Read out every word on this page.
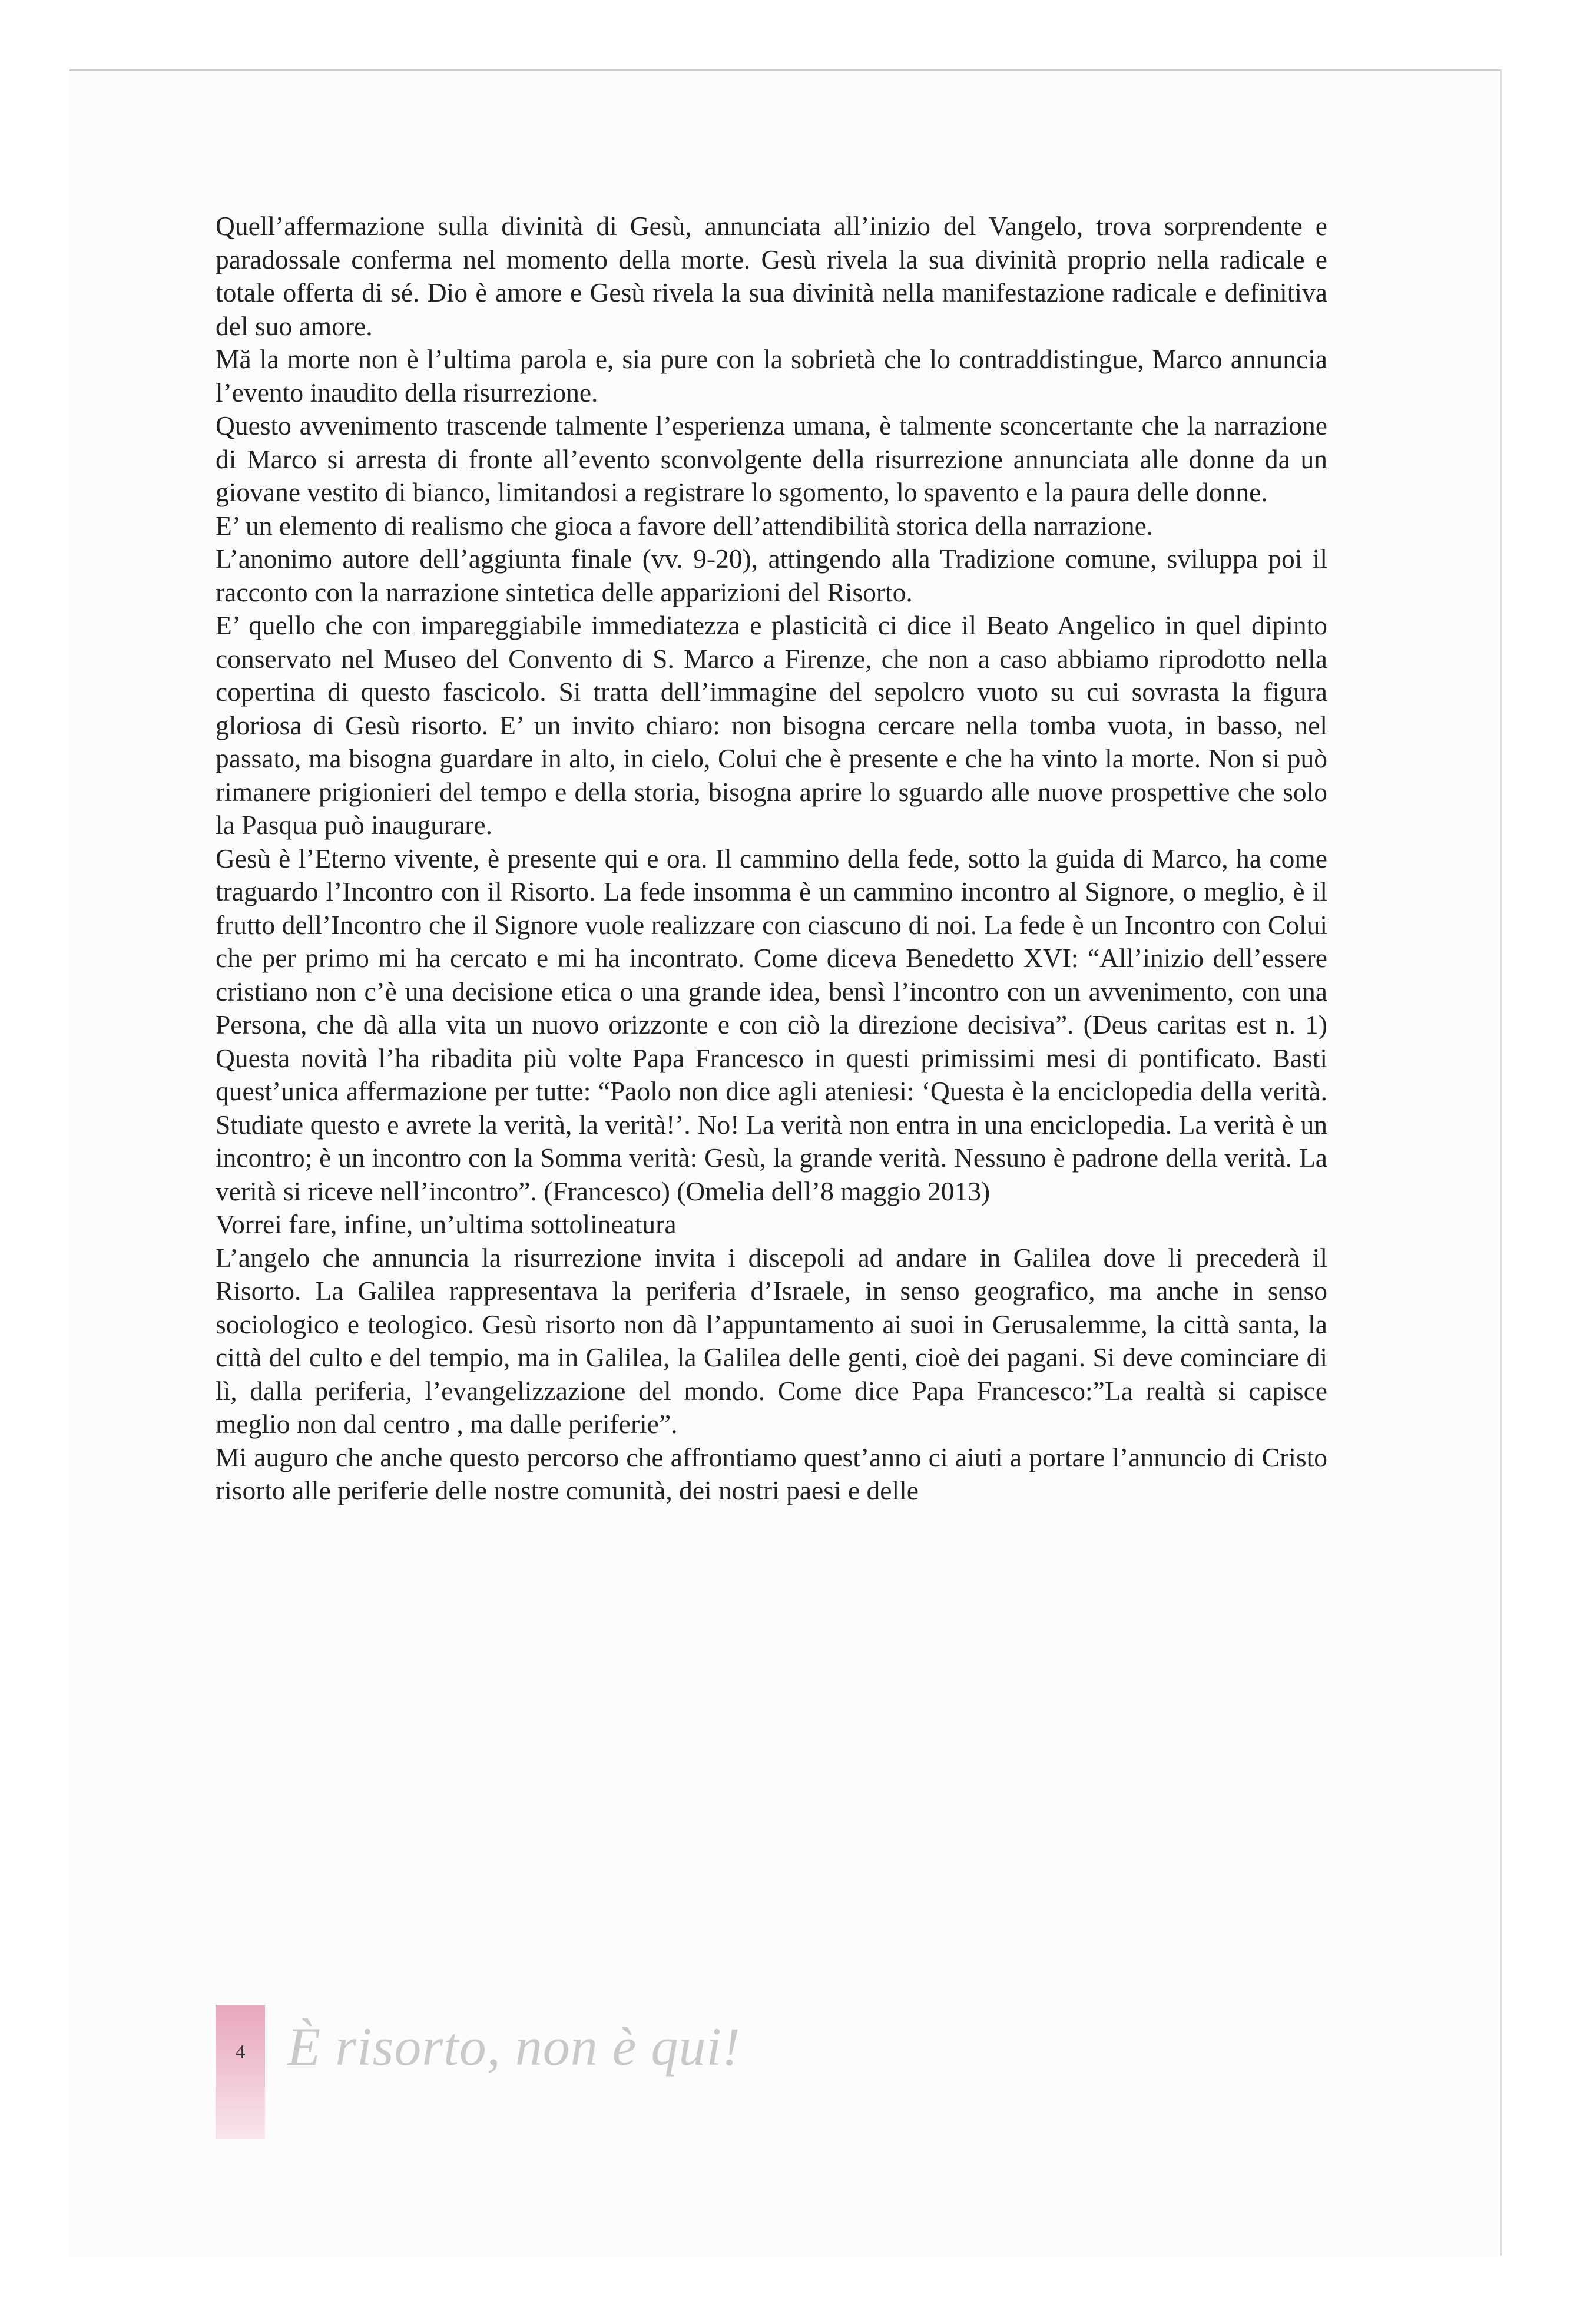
Quell’affermazione sulla divinità di Gesù, annunciata all’inizio del Vangelo, trova sorprendente e paradossale conferma nel momento della morte. Gesù rivela la sua divinità proprio nella radicale e totale offerta di sé. Dio è amore e Gesù rivela la sua divinità nella manifestazione radicale e definitiva del suo amore.

Mă la morte non è l’ultima parola e, sia pure con la sobrietà che lo contraddistingue, Marco annuncia l’evento inaudito della risurrezione.

Questo avvenimento trascende talmente l’esperienza umana, è talmente sconcertante che la narrazione di Marco si arresta di fronte all’evento sconvolgente della risurrezione annunciata alle donne da un giovane vestito di bianco, limitandosi a registrare lo sgomento, lo spavento e la paura delle donne.

E’ un elemento di realismo che gioca a favore dell’attendibilità storica della narrazione.

L’anonimo autore dell’aggiunta finale (vv. 9-20), attingendo alla Tradizione comune, sviluppa poi il racconto con la narrazione sintetica delle apparizioni del Risorto.

E’ quello che con impareggiabile immediatezza e plasticità ci dice il Beato Angelico in quel dipinto conservato nel Museo del Convento di S. Marco a Firenze, che non a caso abbiamo riprodotto nella copertina di questo fascicolo. Si tratta dell’immagine del sepolcro vuoto su cui sovrasta la figura gloriosa di Gesù risorto. E’ un invito chiaro: non bisogna cercare nella tomba vuota, in basso, nel passato, ma bisogna guardare in alto, in cielo, Colui che è presente e che ha vinto la morte. Non si può rimanere prigionieri del tempo e della storia, bisogna aprire lo sguardo alle nuove prospettive che solo la Pasqua può inaugurare.

Gesù è l’Eterno vivente, è presente qui e ora. Il cammino della fede, sotto la guida di Marco, ha come traguardo l’Incontro con il Risorto. La fede insomma è un cammino incontro al Signore, o meglio, è il frutto dell’Incontro che il Signore vuole realizzare con ciascuno di noi. La fede è un Incontro con Colui che per primo mi ha cercato e mi ha incontrato. Come diceva Benedetto XVI: “All’inizio dell’essere cristiano non c’è una decisione etica o una grande idea, bensì l’incontro con un avvenimento, con una Persona, che dà alla vita un nuovo orizzonte e con ciò la direzione decisiva”. (Deus caritas est n. 1) Questa novità l’ha ribadita più volte Papa Francesco in questi primissimi mesi di pontificato. Basti quest’unica affermazione per tutte: “Paolo non dice agli ateniesi: ‘Questa è la enciclopedia della verità. Studiate questo e avrete la verità, la verità!’. No! La verità non entra in una enciclopedia. La verità è un incontro; è un incontro con la Somma verità: Gesù, la grande verità. Nessuno è padrone della verità. La verità si riceve nell’incontro”. (Francesco) (Omelia dell’8 maggio 2013)

Vorrei fare, infine, un’ultima sottolineatura

L’angelo che annuncia la risurrezione invita i discepoli ad andare in Galilea dove li precederà il Risorto. La Galilea rappresentava la periferia d’Israele, in senso geografico, ma anche in senso sociologico e teologico. Gesù risorto non dà l’appuntamento ai suoi in Gerusalemme, la città santa, la città del culto e del tempio, ma in Galilea, la Galilea delle genti, cioè dei pagani. Si deve cominciare di lì, dalla periferia, l’evangelizzazione del mondo. Come dice Papa Francesco:”La realtà si capisce meglio non dal centro , ma dalle periferie”.

Mi auguro che anche questo percorso che affrontiamo quest’anno ci aiuti a portare l’annuncio di Cristo risorto alle periferie delle nostre comunità, dei nostri paesi e delle

4 È risorto, non è qui!
